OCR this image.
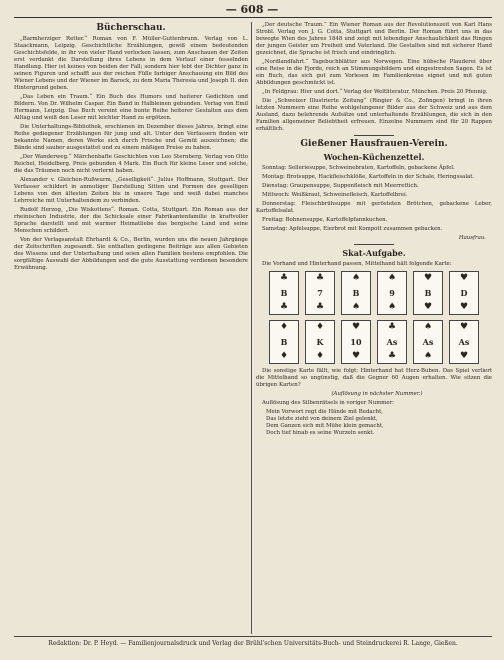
— 608 —
Bücherschau.

„Barmherziger Retter.“ Roman von F. Müller-Guttenbrunn. Verlag von L. Staackmann, Leipzig. Geschichtliche Erzählungen, gewiß einem bedeutenden Geschichtsfelde, in ihr von vieler Hand verlocken lassen, zum Anschauen der Zeiten erst verdankt die Darstellung ihres Lebens in dem Verlauf einer fesselnden Handlung. Hier ist keines von beiden der Fall; sondern hier lebt der Dichter ganz in seinen Figuren und schafft aus der reichen Fülle farbiger Anschauung ein Bild des Wiener Lebens und der Wiener im Barock, zu dem Maria Theresia und Joseph II. den Hintergrund geben.

„Das Leben ein Traum.“ Ein Buch des Humors und heiterer Gedichten und Bildern. Von Dr. Wilhelm Caspar. Ein Band in Halbleinen gebunden. Verlag von Emil Hermann, Leipzig. Das Buch vereint eine bunte Reihe heiterer Gestalten aus dem Alltag und weiß den Leser mit leichter Hand zu ergötzen.

Die Unterhaltungs-Bibliothek, erschienen im Dezember dieses Jahres, bringt eine Reihe gediegener Erzählungen für jung und alt. Unter den Verfassern finden wir bekannte Namen, deren Werke sich durch Frische und Gemüt auszeichnen; die Bände sind sauber ausgestattet und zu einem mäßigen Preise zu haben.

„Der Wanderweg.“ Märchenhafte Geschichten von Leo Sternberg. Verlag von Otto Reichel, Heidelberg. Preis gebunden 4 Mark. Ein Buch für kleine Leser und solche, die das Träumen noch nicht verlernt haben.

Alexander v. Gleichen-Rußwurm, „Geselligkeit“. Julius Hoffmann, Stuttgart. Der Verfasser schildert in anmutiger Darstellung Sitten und Formen des geselligen Lebens von den ältesten Zeiten bis in unsere Tage und weiß dabei manches Lehrreiche mit Unterhaltendem zu verbinden.

Rudolf Herzog, „Die Wiskottens“. Roman. Cotta, Stuttgart. Ein Roman aus der rheinischen Industrie, der die Schicksale einer Fabrikantenfamilie in kraftvoller Sprache darstellt und mit warmer Heimatliebe das bergische Land und seine Menschen schildert.

Von der Verlagsanstalt Ehrhardt & Co., Berlin, wurden uns die neuen Jahrgänge der Zeitschriften zugesandt. Sie enthalten gediegene Beiträge aus allen Gebieten des Wissens und der Unterhaltung und seien allen Familien bestens empfohlen. Die sorgfältige Auswahl der Abbildungen und die gute Ausstattung verdienen besondere Erwähnung.

„Der deutsche Traum.“ Ein Wiener Roman aus der Revolutionszeit von Karl Hans Strobl. Verlag von J. G. Cotta, Stuttgart und Berlin. Der Roman führt uns in das bewegte Wien des Jahres 1848 und zeigt mit lebendiger Anschaulichkeit das Ringen der jungen Geister um Freiheit und Vaterland. Die Gestalten sind mit sicherer Hand gezeichnet, die Sprache ist frisch und eindringlich.

„Nordlandfahrt.“ Tagebuchblätter aus Norwegen. Eine hübsche Plauderei über eine Reise in die Fjorde, reich an Stimmungsbildern und eingestreuten Sagen. Es ist ein Buch, das sich gut zum Vorlesen im Familienkreise eignet und mit guten Abbildungen geschmückt ist.

„In Feldgrau: Hier und dort.“ Verlag der Weltliteratur, München. Preis 20 Pfennig.

Die „Schweizer Illustrierte Zeitung“ (Ringier & Co., Zofingen) bringt in ihren letzten Nummern eine Reihe wohlgelungener Bilder aus der Schweiz und aus dem Ausland, dazu belehrende Aufsätze und unterhaltende Erzählungen, die sich in den Familien allgemeiner Beliebtheit erfreuen. Einzelne Nummern sind für 20 Rappen erhältlich.

Gießener Hausfrauen-Verein.
Wochen-Küchenzettel.

Sonntag: Selleriesuppe, Schweinebraten, Kartoffeln, gebackene Äpfel.

Montag: Brotsuppe, Hackfleischklöße, Kartoffeln in der Schale, Heringssalat.

Dienstag: Graupensuppe, Suppenfleisch mit Meerrettich.

Mittwoch: Weißkraut, Schweinefleisch, Kartoffelbrei.

Donnerstag: Fleischbrühsuppe mit gerösteten Brötchen, gebackene Leber, Kartoffelsalat.

Freitag: Bohnensuppe, Kartoffelpfannkuchen.

Samstag: Apfelsuppe, Eierbrot mit Kompott zusammen gebacken.

Hausfrau.
Skat-Aufgabe.

Die Vorhand und Hinterhand passen, Mittelhand hält folgende Karte:

♣
B
♣
♣
7
♣
♠
B
♠
♠
9
♠
♥
B
♥
♥
D
♥
♦
B
♦
♦
K
♦
♥
10
♥
♣
As
♣
♠
As
♠
♥
As
♥

Die sonstige Karte fällt, wie folgt: Hinterhand hat Herz-Buben. Das Spiel verliert die Mittelhand so ungünstig, daß die Gegner 60 Augen erhalten. Wie sitzen die übrigen Karten?

(Auflösung in nächster Nummer.)

Auflösung des Silbenrätsels in voriger Nummer:

Mein Vorwort regt die Hände mit Bedacht,
Das letzte zieht von deinem Ziel gelenkt,
Dem Ganzen sich mit Mühe klein gemacht,
Doch tief hinab es seine Wurzeln senkt.
Redaktion: Dr. P. Heyd. — Familienjournalsdruck und Verlag der Brühl'schen Universitäts-Buch- und Steindruckerei R. Lange, Gießen.
